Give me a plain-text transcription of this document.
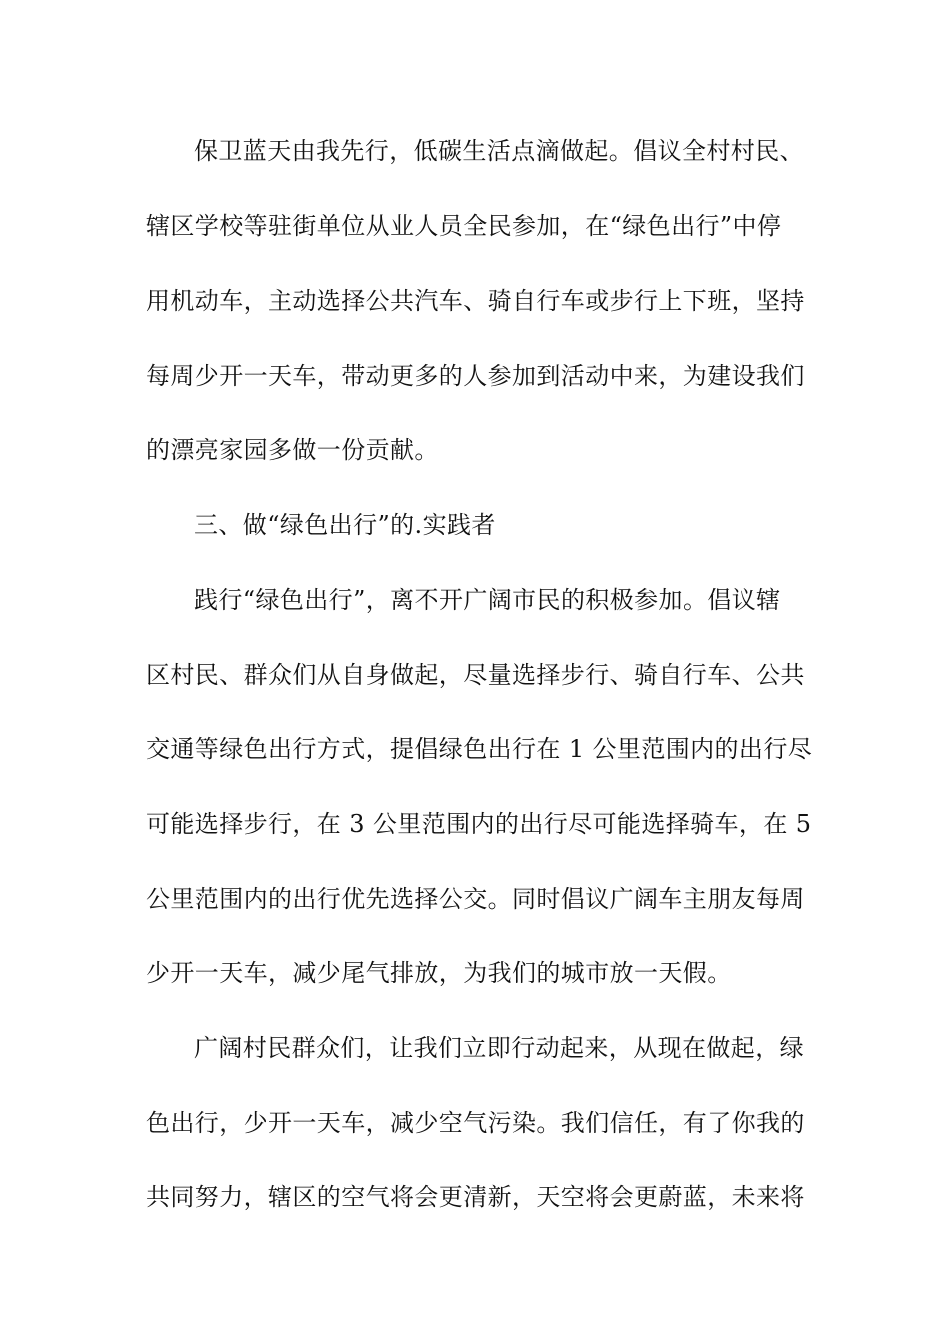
保卫蓝天由我先行，低碳生活点滴做起。倡议全村村民、
辖区学校等驻街单位从业人员全民参加，在“绿色出行”中停
用机动车，主动选择公共汽车、骑自行车或步行上下班，坚持
每周少开一天车，带动更多的人参加到活动中来，为建设我们
的漂亮家园多做一份贡献。
三、做“绿色出行”的.实践者
践行“绿色出行”，离不开广阔市民的积极参加。倡议辖
区村民、群众们从自身做起，尽量选择步行、骑自行车、公共
交通等绿色出行方式，提倡绿色出行在 1 公里范围内的出行尽
可能选择步行，在 3 公里范围内的出行尽可能选择骑车，在 5
公里范围内的出行优先选择公交。同时倡议广阔车主朋友每周
少开一天车，减少尾气排放，为我们的城市放一天假。
广阔村民群众们，让我们立即行动起来，从现在做起，绿
色出行，少开一天车，减少空气污染。我们信任，有了你我的
共同努力，辖区的空气将会更清新，天空将会更蔚蓝，未来将
